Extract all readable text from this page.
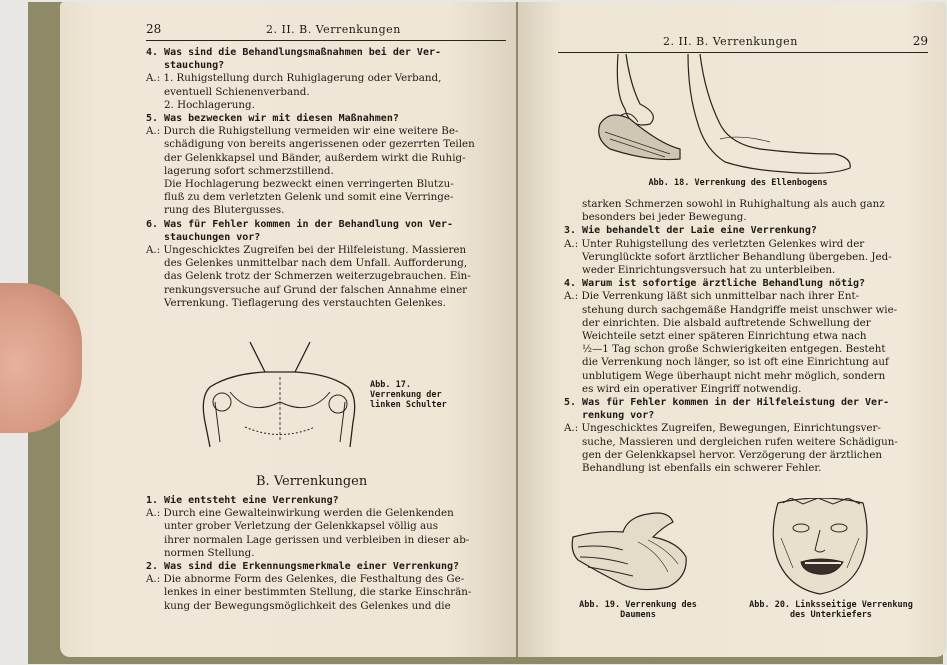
28	2. II. B. Verrenkungen
4. Was sind die Behandlungsmaßnahmen bei der Ver-
stauchung?
A.: 1. Ruhigstellung durch Ruhiglagerung oder Verband,
eventuell Schienenverband.
2. Hochlagerung.
5. Was bezwecken wir mit diesen Maßnahmen?
A.: Durch die Ruhigstellung vermeiden wir eine weitere Be-
schädigung von bereits angerissenen oder gezerrten Teilen
der Gelenkkapsel und Bänder, außerdem wirkt die Ruhig-
lagerung sofort schmerzstillend.
Die Hochlagerung bezweckt einen verringerten Blutzu-
fluß zu dem verletzten Gelenk und somit eine Verringe-
rung des Blutergusses.
6. Was für Fehler kommen in der Behandlung von Ver-
stauchungen vor?
A.: Ungeschicktes Zugreifen bei der Hilfeleistung. Massieren
des Gelenkes unmittelbar nach dem Unfall. Aufforderung,
das Gelenk trotz der Schmerzen weiterzugebrauchen. Ein-
renkungsversuche auf Grund der falschen Annahme einer
Verrenkung. Tieflagerung des verstauchten Gelenkes.
Abb. 17.
Verrenkung der
linken Schulter
B. Verrenkungen
1. Wie entsteht eine Verrenkung?
A.: Durch eine Gewalteinwirkung werden die Gelenkenden
unter grober Verletzung der Gelenkkapsel völlig aus
ihrer normalen Lage gerissen und verbleiben in dieser ab-
normen Stellung.
2. Was sind die Erkennungsmerkmale einer Verrenkung?
A.: Die abnorme Form des Gelenkes, die Festhaltung des Ge-
lenkes in einer bestimmten Stellung, die starke Einschrän-
kung der Bewegungsmöglichkeit des Gelenkes und die
2. II. B. Verrenkungen	29
Abb. 18. Verrenkung des Ellenbogens
starken Schmerzen sowohl in Ruhighaltung als auch ganz
besonders bei jeder Bewegung.
3. Wie behandelt der Laie eine Verrenkung?
A.: Unter Ruhigstellung des verletzten Gelenkes wird der
Verunglückte sofort ärztlicher Behandlung übergeben. Jed-
weder Einrichtungsversuch hat zu unterbleiben.
4. Warum ist sofortige ärztliche Behandlung nötig?
A.: Die Verrenkung läßt sich unmittelbar nach ihrer Ent-
stehung durch sachgemäße Handgriffe meist unschwer wie-
der einrichten. Die alsbald auftretende Schwellung der
Weichteile setzt einer späteren Einrichtung etwa nach
½—1 Tag schon große Schwierigkeiten entgegen. Besteht
die Verrenkung noch länger, so ist oft eine Einrichtung auf
unblutigem Wege überhaupt nicht mehr möglich, sondern
es wird ein operativer Eingriff notwendig.
5. Was für Fehler kommen in der Hilfeleistung der Ver-
renkung vor?
A.: Ungeschicktes Zugreifen, Bewegungen, Einrichtungsver-
suche, Massieren und dergleichen rufen weitere Schädigun-
gen der Gelenkkapsel hervor. Verzögerung der ärztlichen
Behandlung ist ebenfalls ein schwerer Fehler.
Abb. 19. Verrenkung des
Daumens
Abb. 20. Linksseitige Verrenkung
des Unterkiefers
